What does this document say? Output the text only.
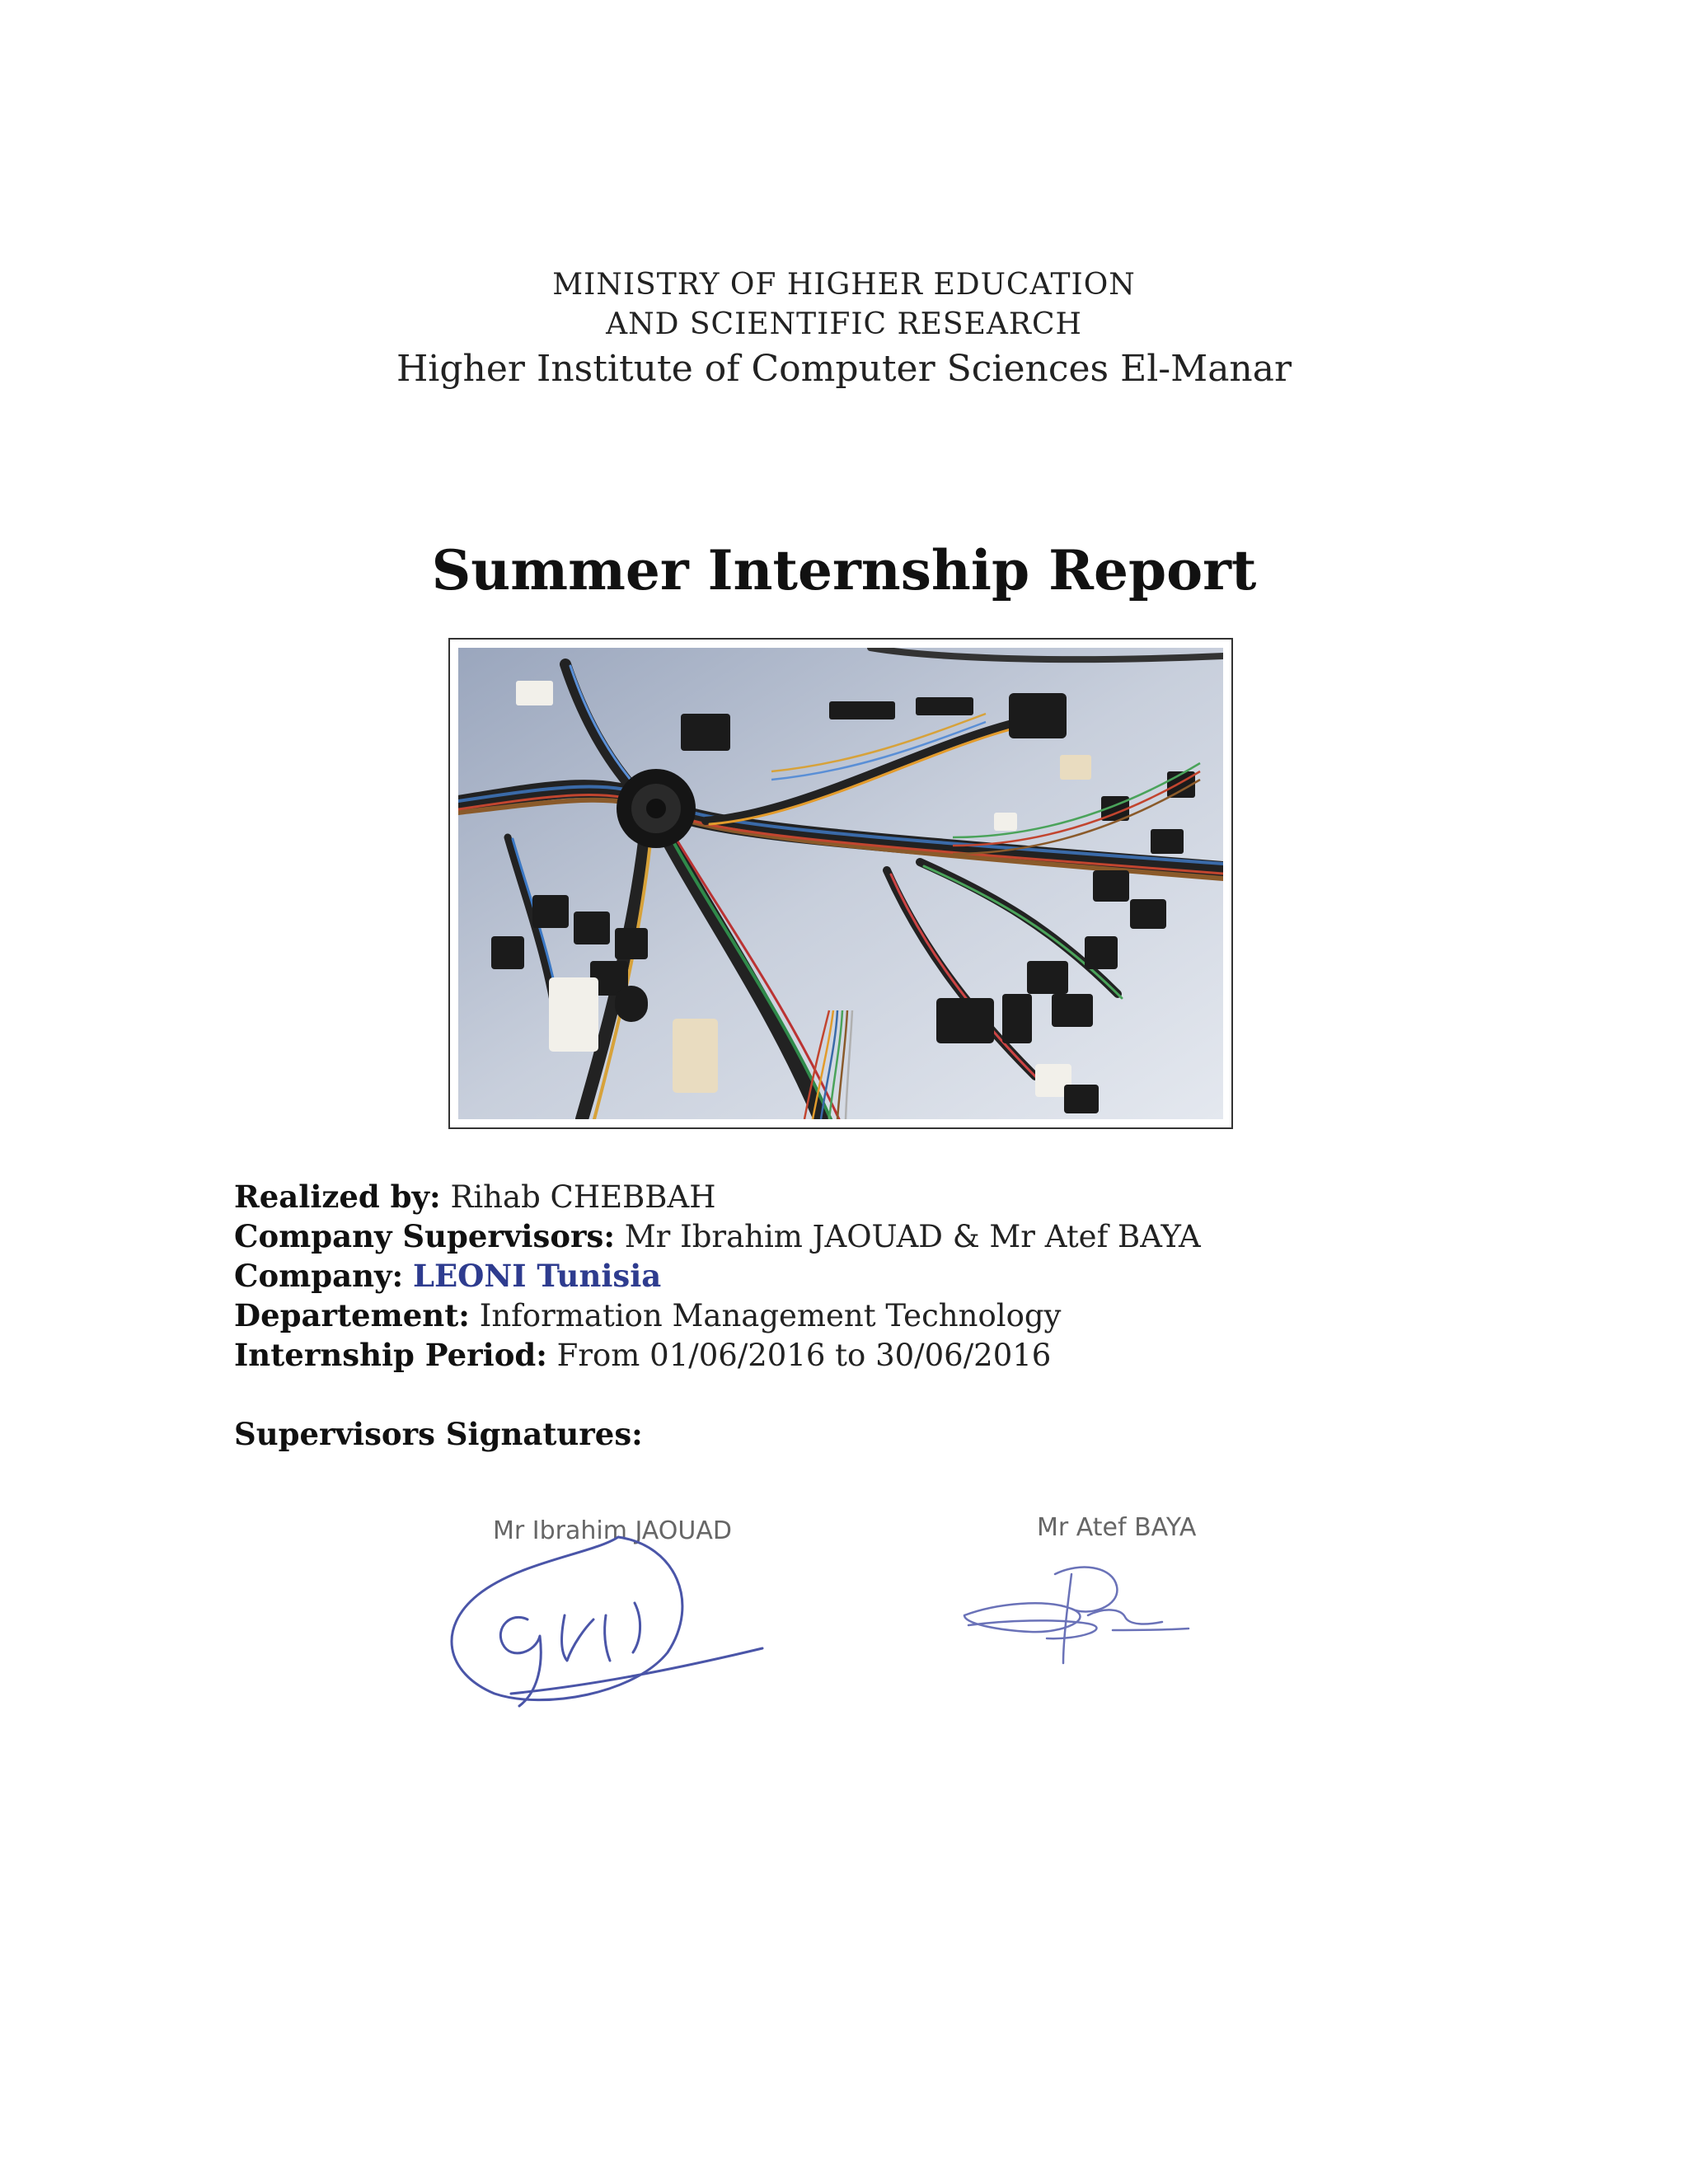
MINISTRY OF HIGHER EDUCATION
AND SCIENTIFIC RESEARCH
Higher Institute of Computer Sciences El-Manar
Summer Internship Report
Realized by: Rihab CHEBBAH
Company Supervisors: Mr Ibrahim JAOUAD & Mr Atef BAYA
Company: LEONI Tunisia
Departement: Information Management Technology
Internship Period: From 01/06/2016 to 30/06/2016
Supervisors Signatures:
Mr Ibrahim JAOUAD	Mr Atef BAYA
